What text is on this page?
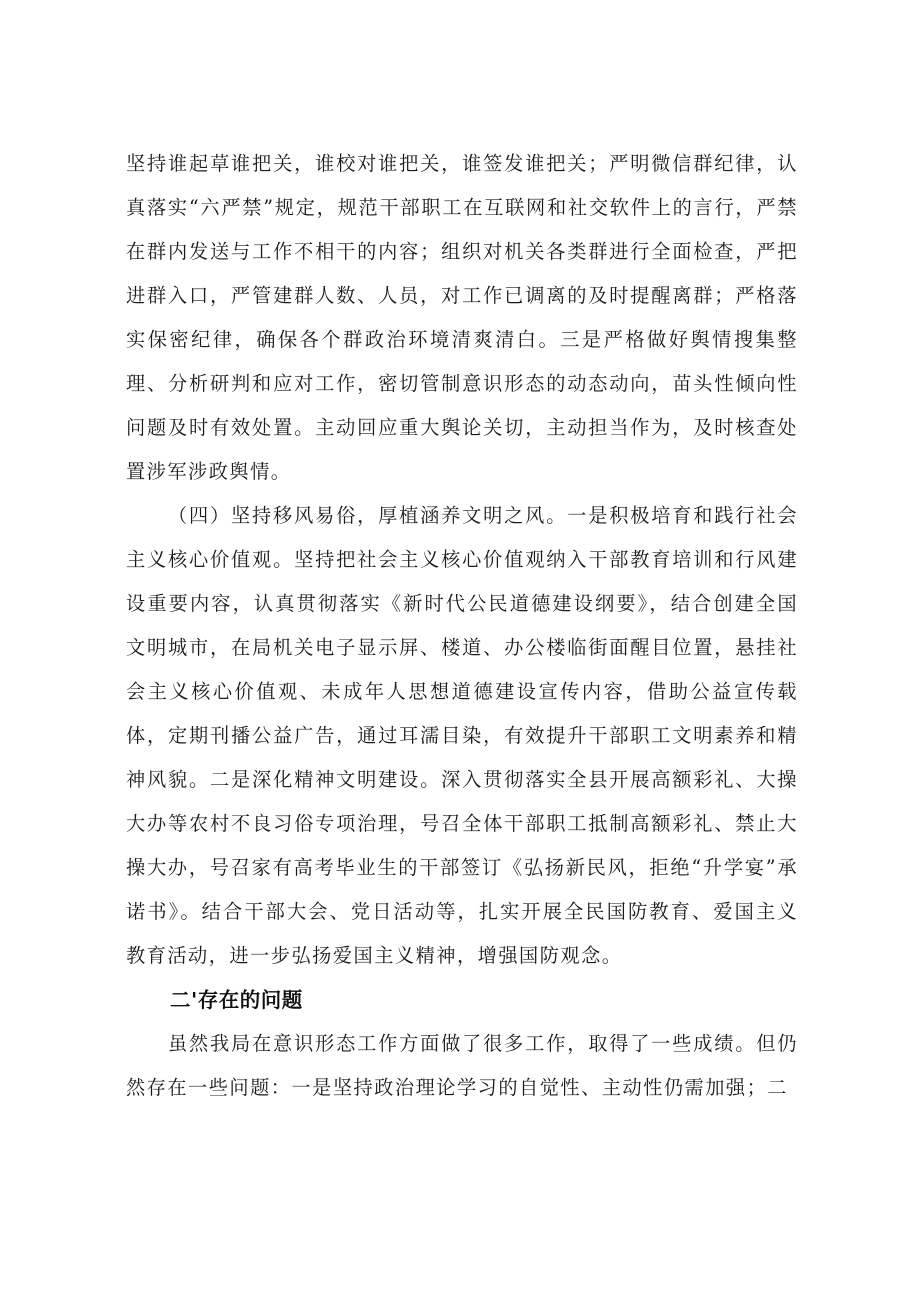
坚持谁起草谁把关，谁校对谁把关，谁签发谁把关；严明微信群纪律，认真落实“六严禁”规定，规范干部职工在互联网和社交软件上的言行，严禁在群内发送与工作不相干的内容；组织对机关各类群进行全面检查，严把进群入口，严管建群人数、人员，对工作已调离的及时提醒离群；严格落实保密纪律，确保各个群政治环境清爽清白。三是严格做好舆情搜集整理、分析研判和应对工作，密切管制意识形态的动态动向，苗头性倾向性问题及时有效处置。主动回应重大舆论关切，主动担当作为，及时核查处置涉军涉政舆情。

（四）坚持移风易俗，厚植涵养文明之风。一是积极培育和践行社会主义核心价值观。坚持把社会主义核心价值观纳入干部教育培训和行风建设重要内容，认真贯彻落实《新时代公民道德建设纲要》，结合创建全国文明城市，在局机关电子显示屏、楼道、办公楼临街面醒目位置，悬挂社会主义核心价值观、未成年人思想道德建设宣传内容，借助公益宣传载体，定期刊播公益广告，通过耳濡目染，有效提升干部职工文明素养和精神风貌。二是深化精神文明建设。深入贯彻落实全县开展高额彩礼、大操大办等农村不良习俗专项治理，号召全体干部职工抵制高额彩礼、禁止大操大办，号召家有高考毕业生的干部签订《弘扬新民风，拒绝“升学宴”承诺书》。结合干部大会、党日活动等，扎实开展全民国防教育、爱国主义教育活动，进一步弘扬爱国主义精神，增强国防观念。

二'存在的问题

虽然我局在意识形态工作方面做了很多工作，取得了一些成绩。但仍然存在一些问题：一是坚持政治理论学习的自觉性、主动性仍需加强；二
